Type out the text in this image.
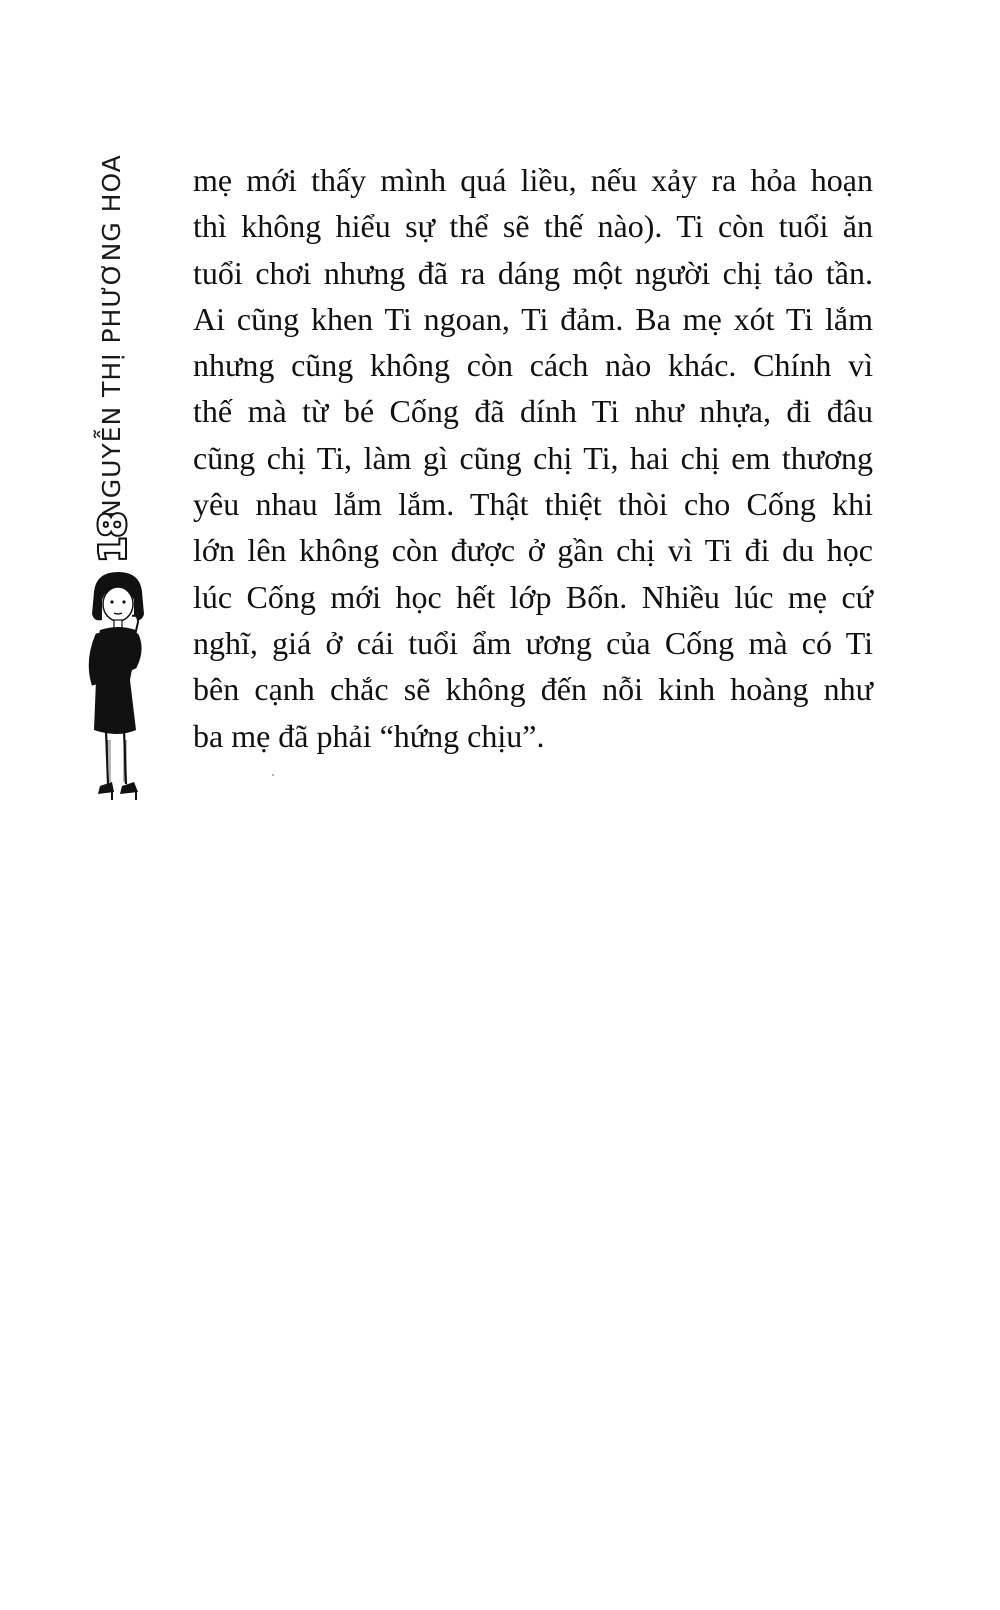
NGUYỄN THỊ PHƯƠNG HOA
18
mẹ mới thấy mình quá liều, nếu xảy ra hỏa hoạn
thì không hiểu sự thể sẽ thế nào). Ti còn tuổi ăn
tuổi chơi nhưng đã ra dáng một người chị tảo tần.
Ai cũng khen Ti ngoan, Ti đảm. Ba mẹ xót Ti lắm
nhưng cũng không còn cách nào khác. Chính vì
thế mà từ bé Cống đã dính Ti như nhựa, đi đâu
cũng chị Ti, làm gì cũng chị Ti, hai chị em thương
yêu nhau lắm lắm. Thật thiệt thòi cho Cống khi
lớn lên không còn được ở gần chị vì Ti đi du học
lúc Cống mới học hết lớp Bốn. Nhiều lúc mẹ cứ
nghĩ, giá ở cái tuổi ẩm ương của Cống mà có Ti
bên cạnh chắc sẽ không đến nỗi kinh hoàng như
ba mẹ đã phải “hứng chịu”.
